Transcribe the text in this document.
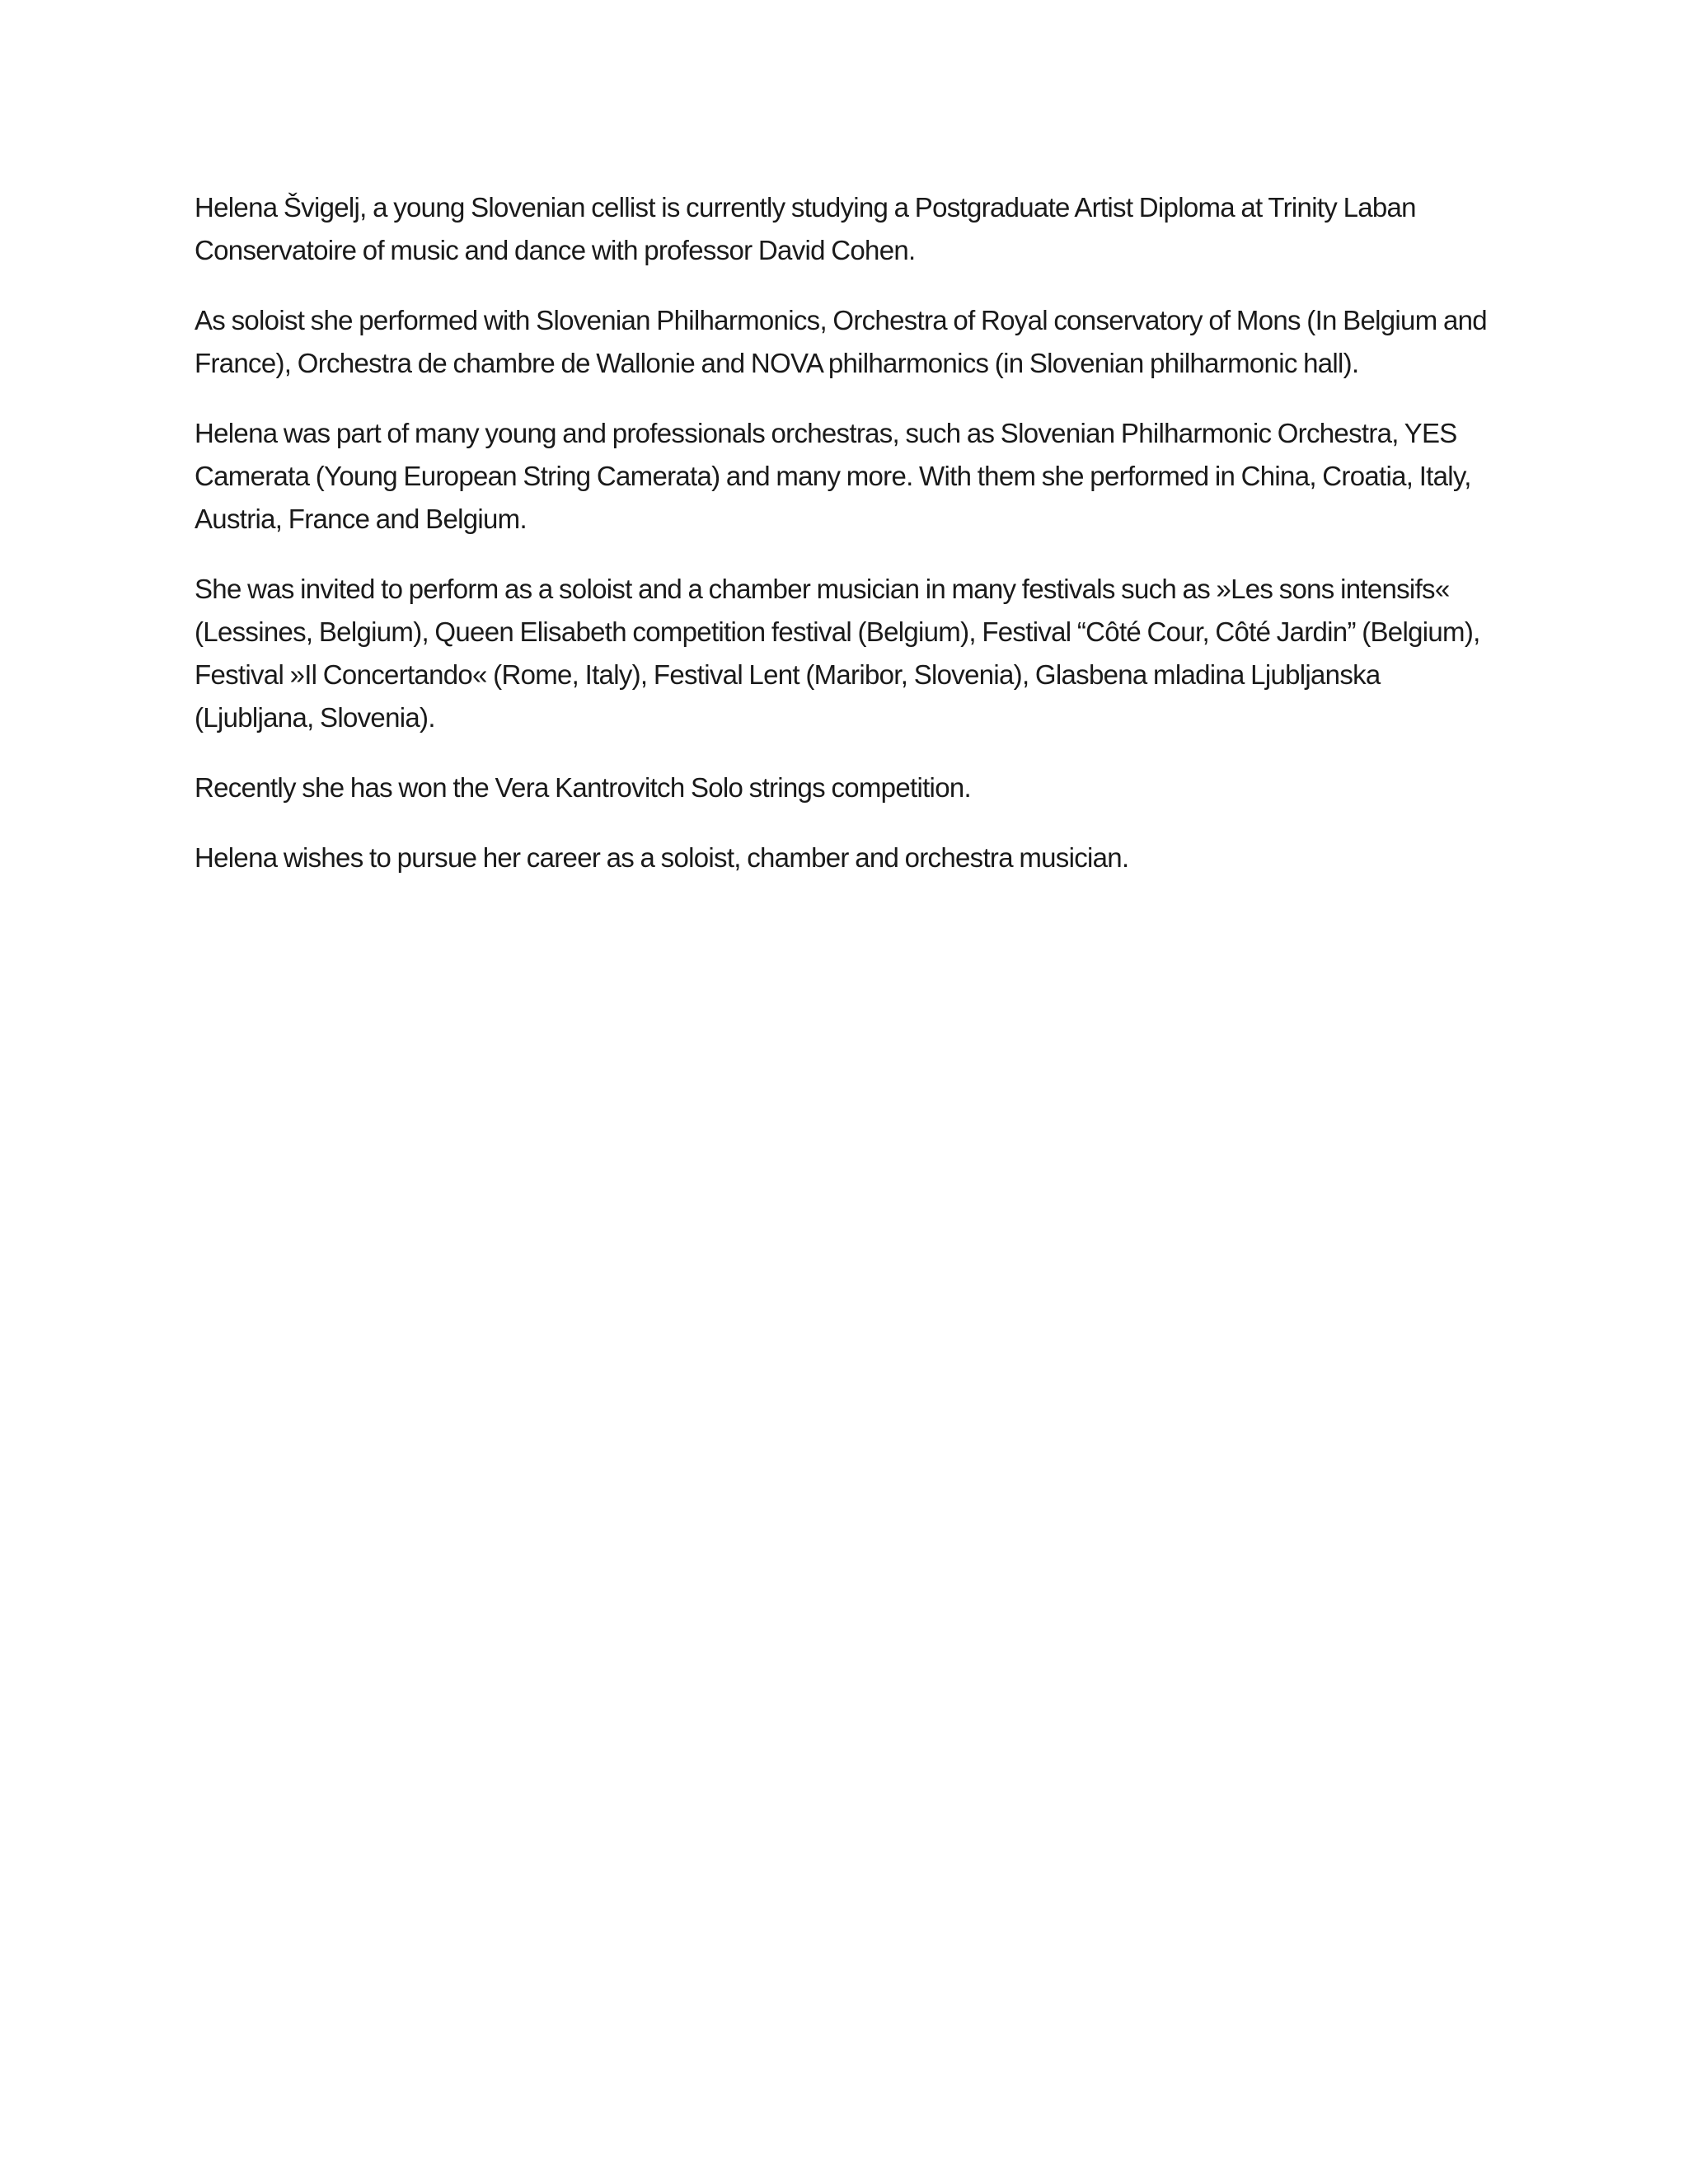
Helena Švigelj, a young Slovenian cellist is currently studying a Postgraduate Artist Diploma at Trinity Laban Conservatoire of music and dance with professor David Cohen.

As soloist she performed with Slovenian Philharmonics, Orchestra of Royal conservatory of Mons (In Belgium and France), Orchestra de chambre de Wallonie and NOVA philharmonics (in Slovenian philharmonic hall).

Helena was part of many young and professionals orchestras, such as Slovenian Philharmonic Orchestra, YES Camerata (Young European String Camerata) and many more. With them she performed in China, Croatia, Italy, Austria, France and Belgium.

She was invited to perform as a soloist and a chamber musician in many festivals such as »Les sons intensifs« (Lessines, Belgium), Queen Elisabeth competition festival (Belgium), Festival “Côté Cour, Côté Jardin” (Belgium), Festival »Il Concertando« (Rome, Italy), Festival Lent (Maribor, Slovenia), Glasbena mladina Ljubljanska (Ljubljana, Slovenia).

Recently she has won the Vera Kantrovitch Solo strings competition.

Helena wishes to pursue her career as a soloist, chamber and orchestra musician.
